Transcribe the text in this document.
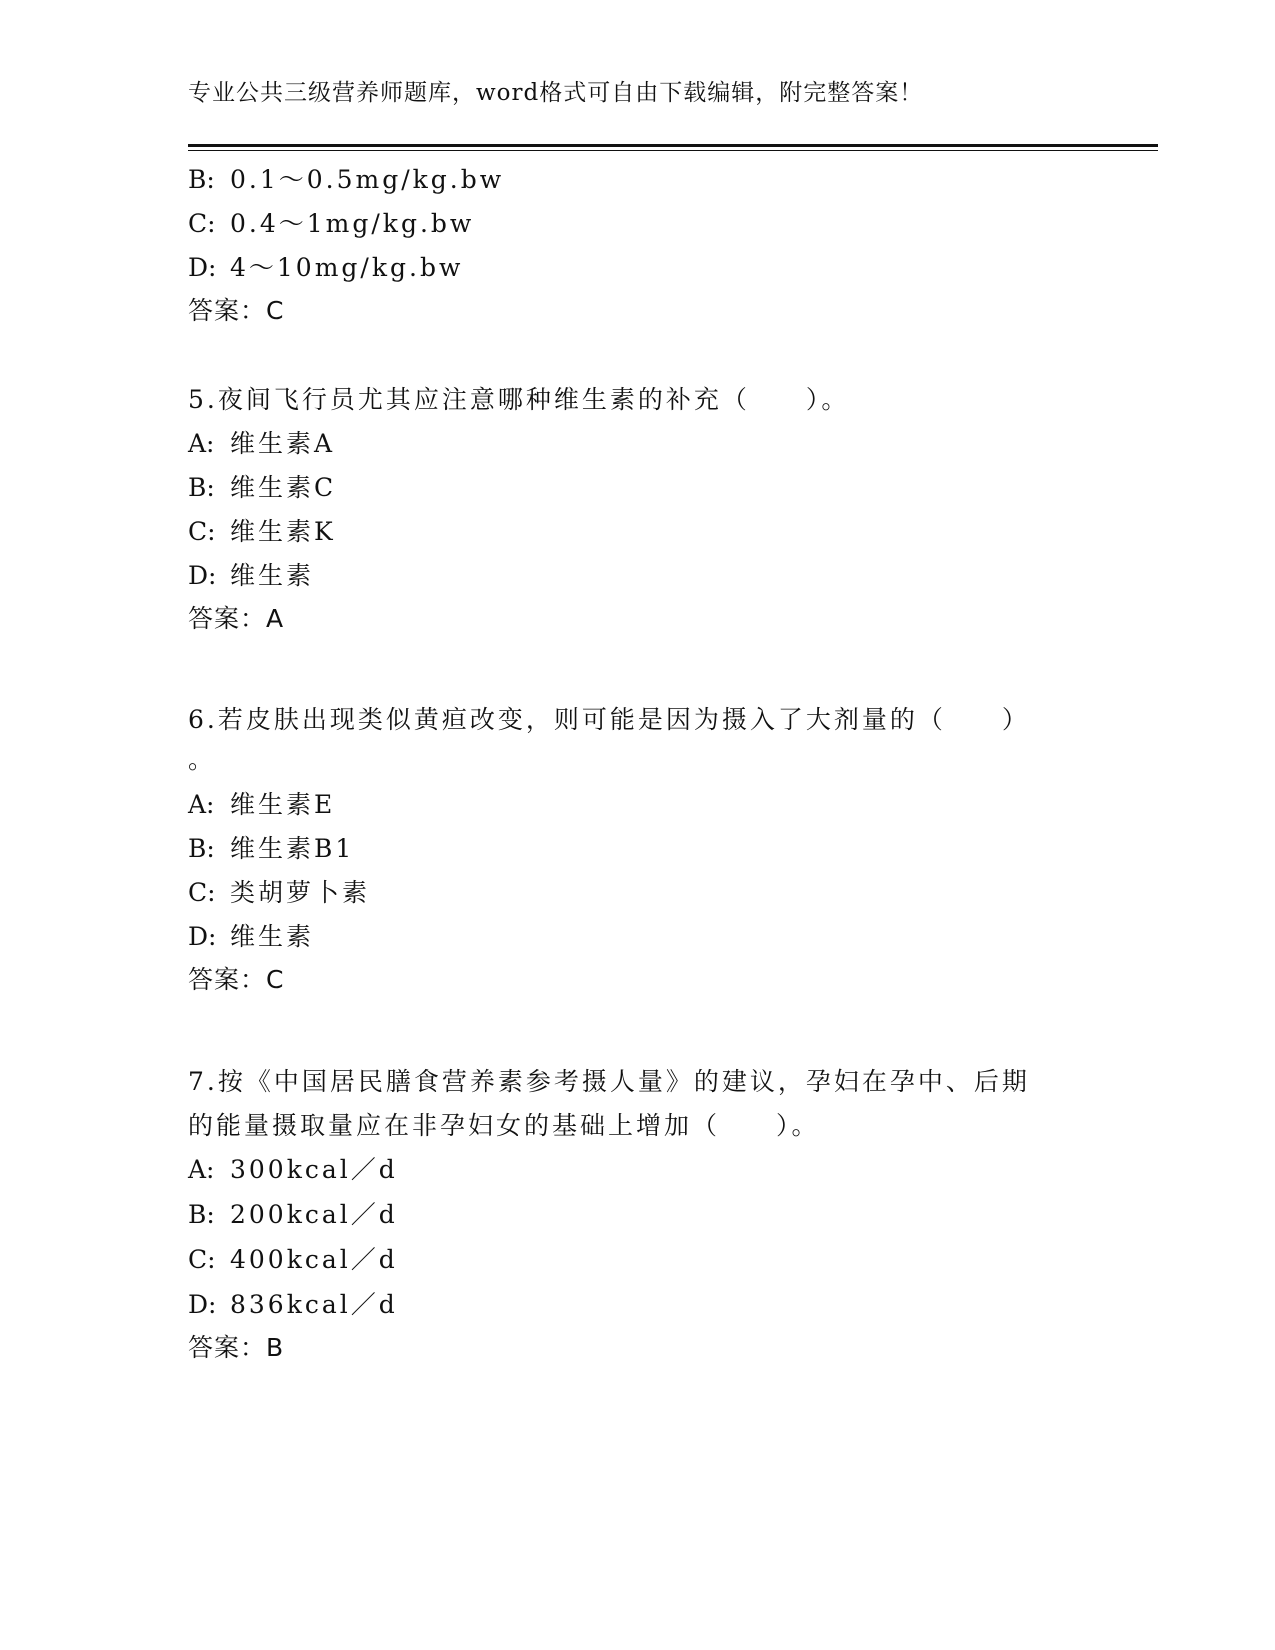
专业公共三级营养师题库，word格式可自由下载编辑，附完整答案！
B: 0.1～0.5mg/kg.bw
C: 0.4～1mg/kg.bw
D: 4～10mg/kg.bw
答案：C
5.夜间飞行员尤其应注意哪种维生素的补充（　　）。
A: 维生素A
B: 维生素C
C: 维生素K
D: 维生素
答案：A
6.若皮肤出现类似黄疸改变，则可能是因为摄入了大剂量的（　　）
。
A: 维生素E
B: 维生素B1
C: 类胡萝卜素
D: 维生素
答案：C
7.按《中国居民膳食营养素参考摄人量》的建议，孕妇在孕中、后期
的能量摄取量应在非孕妇女的基础上增加（　　）。
A: 300kcal／d
B: 200kcal／d
C: 400kcal／d
D: 836kcal／d
答案：B
